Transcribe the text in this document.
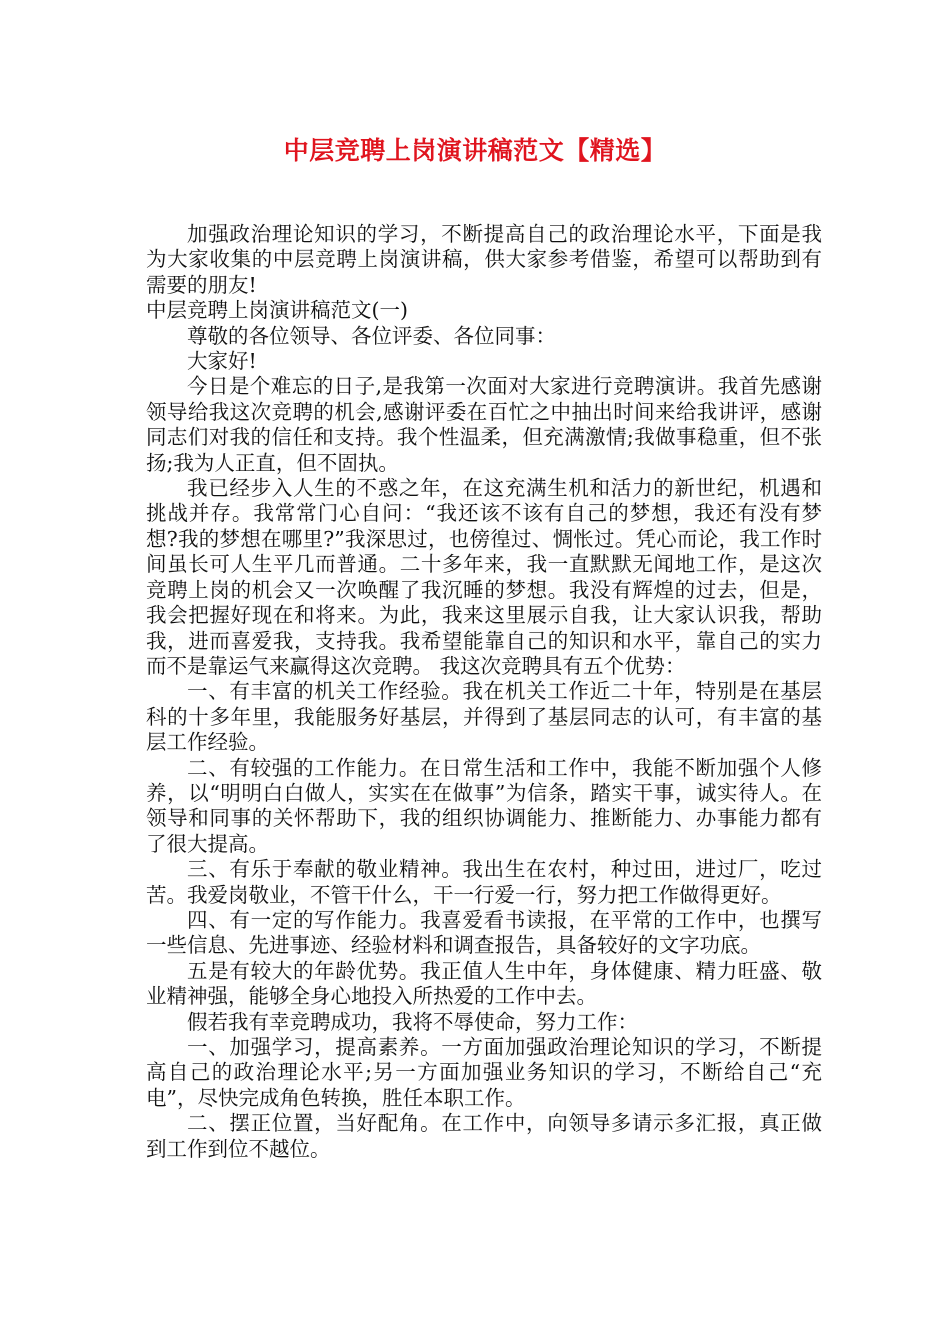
中层竞聘上岗演讲稿范文【精选】

加强政治理论知识的学习，不断提高自己的政治理论水平，下面是我为大家收集的中层竞聘上岗演讲稿，供大家参考借鉴，希望可以帮助到有需要的朋友!

中层竞聘上岗演讲稿范文(一)

尊敬的各位领导、各位评委、各位同事：

大家好!

今日是个难忘的日子,是我第一次面对大家进行竞聘演讲。我首先感谢领导给我这次竞聘的机会,感谢评委在百忙之中抽出时间来给我讲评，感谢同志们对我的信任和支持。我个性温柔，但充满激情;我做事稳重，但不张扬;我为人正直，但不固执。

我已经步入人生的不惑之年，在这充满生机和活力的新世纪，机遇和挑战并存。我常常门心自问：“我还该不该有自己的梦想，我还有没有梦想?我的梦想在哪里?”我深思过，也傍徨过、惆怅过。凭心而论，我工作时间虽长可人生平几而普通。二十多年来，我一直默默无闻地工作，是这次竞聘上岗的机会又一次唤醒了我沉睡的梦想。我没有辉煌的过去，但是，我会把握好现在和将来。为此，我来这里展示自我，让大家认识我，帮助我，进而喜爱我，支持我。我希望能靠自己的知识和水平，靠自己的实力而不是靠运气来赢得这次竞聘。 我这次竞聘具有五个优势：

一、有丰富的机关工作经验。我在机关工作近二十年，特别是在基层科的十多年里，我能服务好基层，并得到了基层同志的认可，有丰富的基层工作经验。

二、有较强的工作能力。在日常生活和工作中，我能不断加强个人修养，以“明明白白做人，实实在在做事”为信条，踏实干事，诚实待人。在领导和同事的关怀帮助下，我的组织协调能力、推断能力、办事能力都有了很大提高。

三、有乐于奉献的敬业精神。我出生在农村，种过田，进过厂，吃过苦。我爱岗敬业，不管干什么，干一行爱一行，努力把工作做得更好。

四、有一定的写作能力。我喜爱看书读报，在平常的工作中，也撰写一些信息、先进事迹、经验材料和调查报告，具备较好的文字功底。

五是有较大的年龄优势。我正值人生中年，身体健康、精力旺盛、敬业精神强，能够全身心地投入所热爱的工作中去。

假若我有幸竞聘成功，我将不辱使命，努力工作：

一、加强学习，提高素养。一方面加强政治理论知识的学习，不断提高自己的政治理论水平;另一方面加强业务知识的学习，不断给自己“充电”，尽快完成角色转换，胜任本职工作。

二、摆正位置，当好配角。在工作中，向领导多请示多汇报，真正做到工作到位不越位。
